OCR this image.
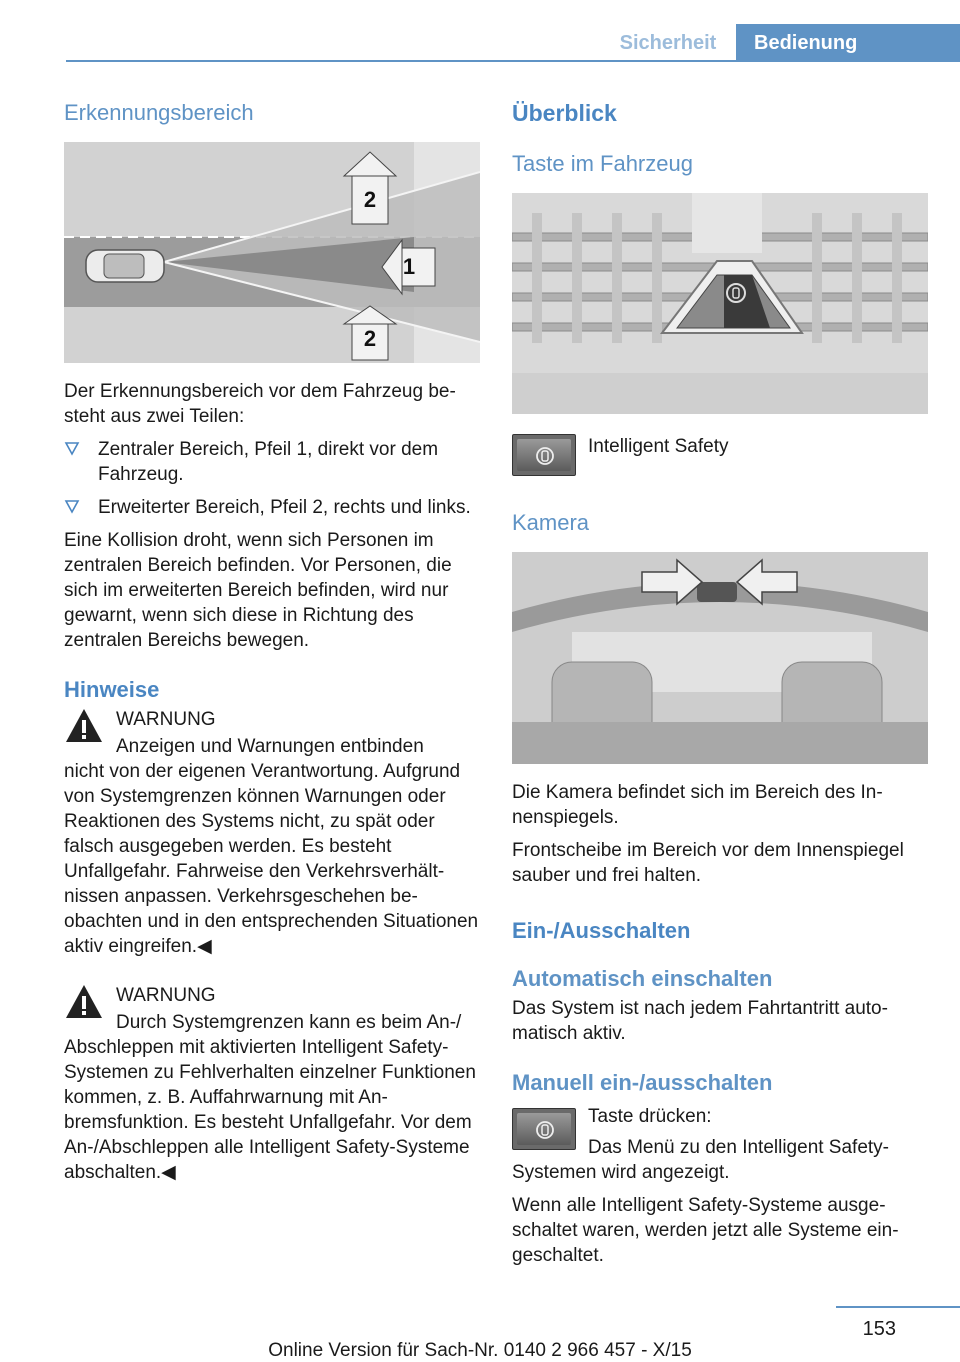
Sicherheit	Bedienung
Erkennungsbereich
2
1
2

Der Erkennungsbereich vor dem Fahrzeug besteht aus zwei Teilen:

Zentraler Bereich, Pfeil 1, direkt vor dem Fahrzeug.
Erweiterter Bereich, Pfeil 2, rechts und links.

Eine Kollision droht, wenn sich Personen im zentralen Bereich befinden. Vor Personen, die sich im erweiterten Bereich befinden, wird nur gewarnt, wenn sich diese in Richtung des zentralen Bereichs bewegen.

Hinweise
WARNUNG

Anzeigen und Warnungen entbinden

nicht von der eigenen Verantwortung. Aufgrund von Systemgrenzen können Warnungen oder Reaktionen des Systems nicht, zu spät oder falsch ausgegeben werden. Es besteht Unfallgefahr. Fahrweise den Verkehrsverhältnissen anpassen. Verkehrsgeschehen beobachten und in den entsprechenden Situationen aktiv eingreifen.◀

WARNUNG

Durch Systemgrenzen kann es beim An-/

Abschleppen mit aktivierten Intelligent Safety-Systemen zu Fehlverhalten einzelner Funktionen kommen, z. B. Auffahrwarnung mit Anbremsfunktion. Es besteht Unfallgefahr. Vor dem An-/Abschleppen alle Intelligent Safety-Systeme abschalten.◀

Überblick
Taste im Fahrzeug

Intelligent Safety

Kamera

Die Kamera befindet sich im Bereich des Innenspiegels.

Frontscheibe im Bereich vor dem Innenspiegel sauber und frei halten.

Ein-/Ausschalten
Automatisch einschalten

Das System ist nach jedem Fahrtantritt automatisch aktiv.

Manuell ein-/ausschalten

Taste drücken:

Das Menü zu den Intelligent Safety-

Systemen wird angezeigt.

Wenn alle Intelligent Safety-Systeme ausgeschaltet waren, werden jetzt alle Systeme eingeschaltet.

153
Online Version für Sach-Nr. 0140 2 966 457 - X/15
